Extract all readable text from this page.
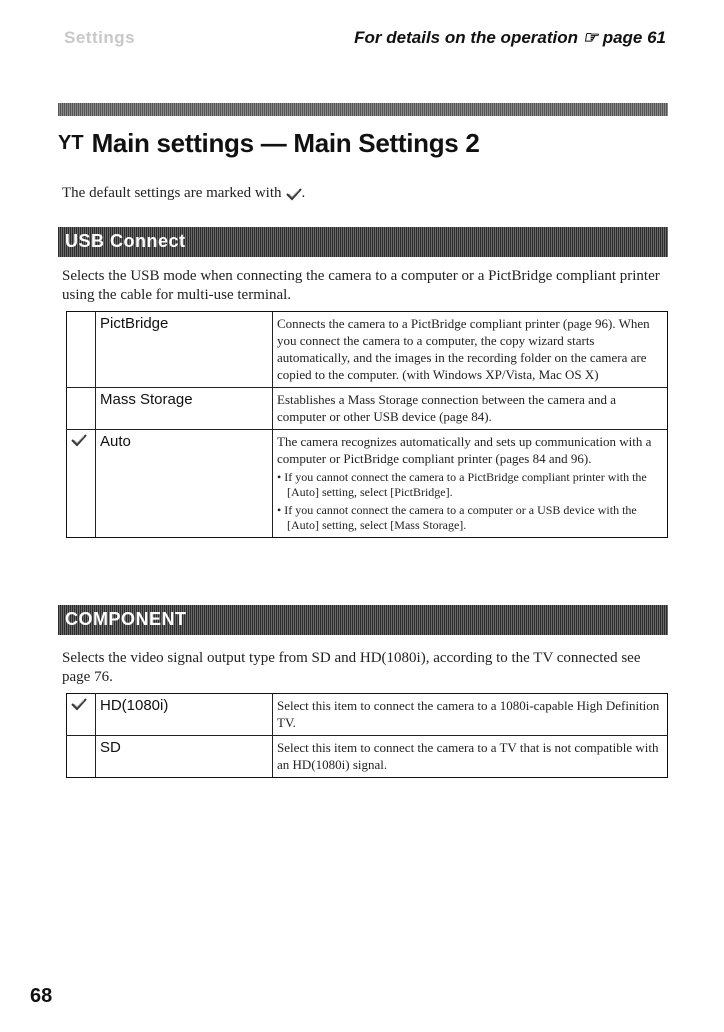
Settings	For details on the operation ☞ page 61
YT Main settings — Main Settings 2
The default settings are marked with .
USB Connect
Selects the USB mode when connecting the camera to a computer or a PictBridge compliant printer using the cable for multi-use terminal.
	PictBridge	Connects the camera to a PictBridge compliant printer (page 96). When you connect the camera to a computer, the copy wizard starts automatically, and the images in the recording folder on the camera are copied to the computer. (with Windows XP/Vista, Mac OS X)
	Mass Storage	Establishes a Mass Storage connection between the camera and a computer or other USB device (page 84).
	Auto	The camera recognizes automatically and sets up communication with a computer or PictBridge compliant printer (pages 84 and 96).
• If you cannot connect the camera to a PictBridge compliant printer with the [Auto] setting, select [PictBridge].
• If you cannot connect the camera to a computer or a USB device with the [Auto] setting, select [Mass Storage].
COMPONENT
Selects the video signal output type from SD and HD(1080i), according to the TV connected see page 76.
	HD(1080i)	Select this item to connect the camera to a 1080i-capable High Definition TV.
	SD	Select this item to connect the camera to a TV that is not compatible with an HD(1080i) signal.
68
